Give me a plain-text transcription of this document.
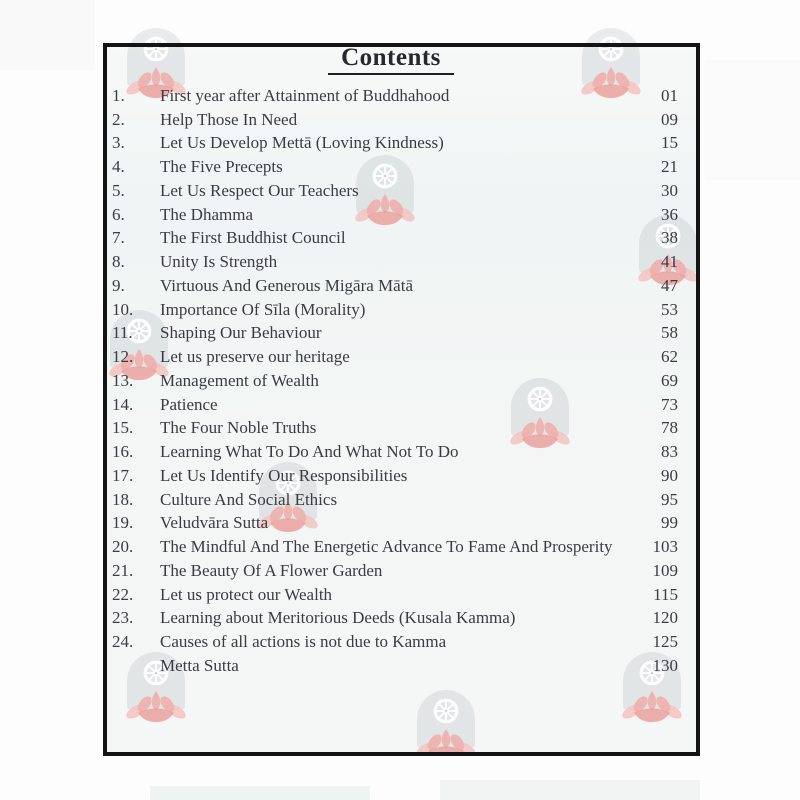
Contents
1.	First year after Attainment of Buddhahood	01
2.	Help Those In Need	09
3.	Let Us Develop Mettā (Loving Kindness)	15
4.	The Five Precepts	21
5.	Let Us Respect Our Teachers	30
6.	The Dhamma	36
7.	The First Buddhist Council	38
8.	Unity Is Strength	41
9.	Virtuous And Generous Migāra Mātā	47
10.	Importance Of Sīla (Morality)	53
11.	Shaping Our Behaviour	58
12.	Let us preserve our heritage	62
13.	Management of Wealth	69
14.	Patience	73
15.	The Four Noble Truths	78
16.	Learning What To Do And What Not To Do	83
17.	Let Us Identify Our Responsibilities	90
18.	Culture And Social Ethics	95
19.	Veludvāra Sutta	99
20.	The Mindful And The Energetic Advance To Fame And Prosperity	103
21.	The Beauty Of A Flower Garden	109
22.	Let us protect our Wealth	115
23.	Learning about Meritorious Deeds (Kusala Kamma)	120
24.	Causes of all actions is not due to Kamma	125
Metta Sutta	130
